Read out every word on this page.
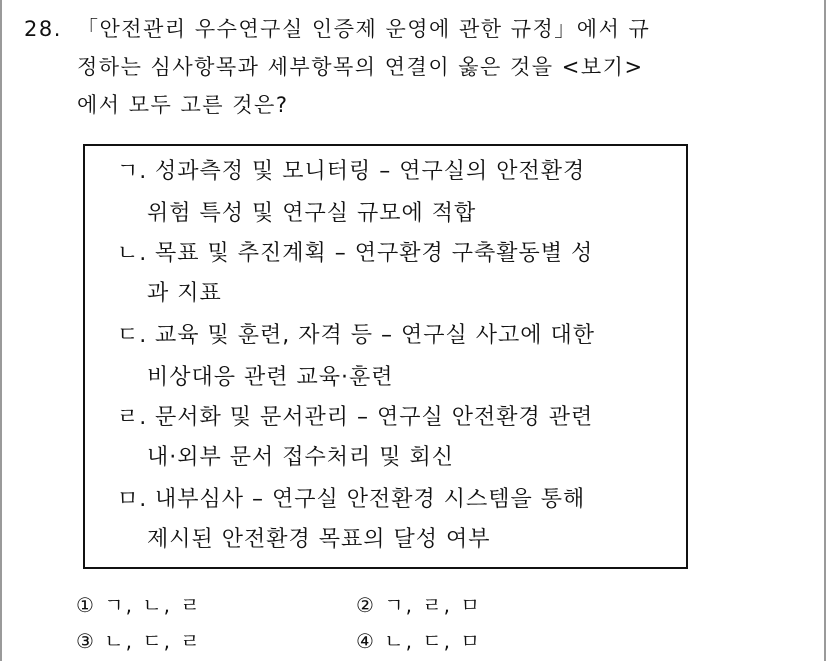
28. 「안전관리 우수연구실 인증제 운영에 관한 규정」에서 규
정하는 심사항목과 세부항목의 연결이 옳은 것을 <보기>
에서 모두 고른 것은?
ㄱ. 성과측정 및 모니터링 – 연구실의 안전환경
위험 특성 및 연구실 규모에 적합
ㄴ. 목표 및 추진계획 – 연구환경 구축활동별 성
과 지표
ㄷ. 교육 및 훈련, 자격 등 – 연구실 사고에 대한
비상대응 관련 교육·훈련
ㄹ. 문서화 및 문서관리 – 연구실 안전환경 관련
내·외부 문서 접수처리 및 회신
ㅁ. 내부심사 – 연구실 안전환경 시스템을 통해
제시된 안전환경 목표의 달성 여부
① ㄱ, ㄴ, ㄹ	② ㄱ, ㄹ, ㅁ
③ ㄴ, ㄷ, ㄹ	④ ㄴ, ㄷ, ㅁ
